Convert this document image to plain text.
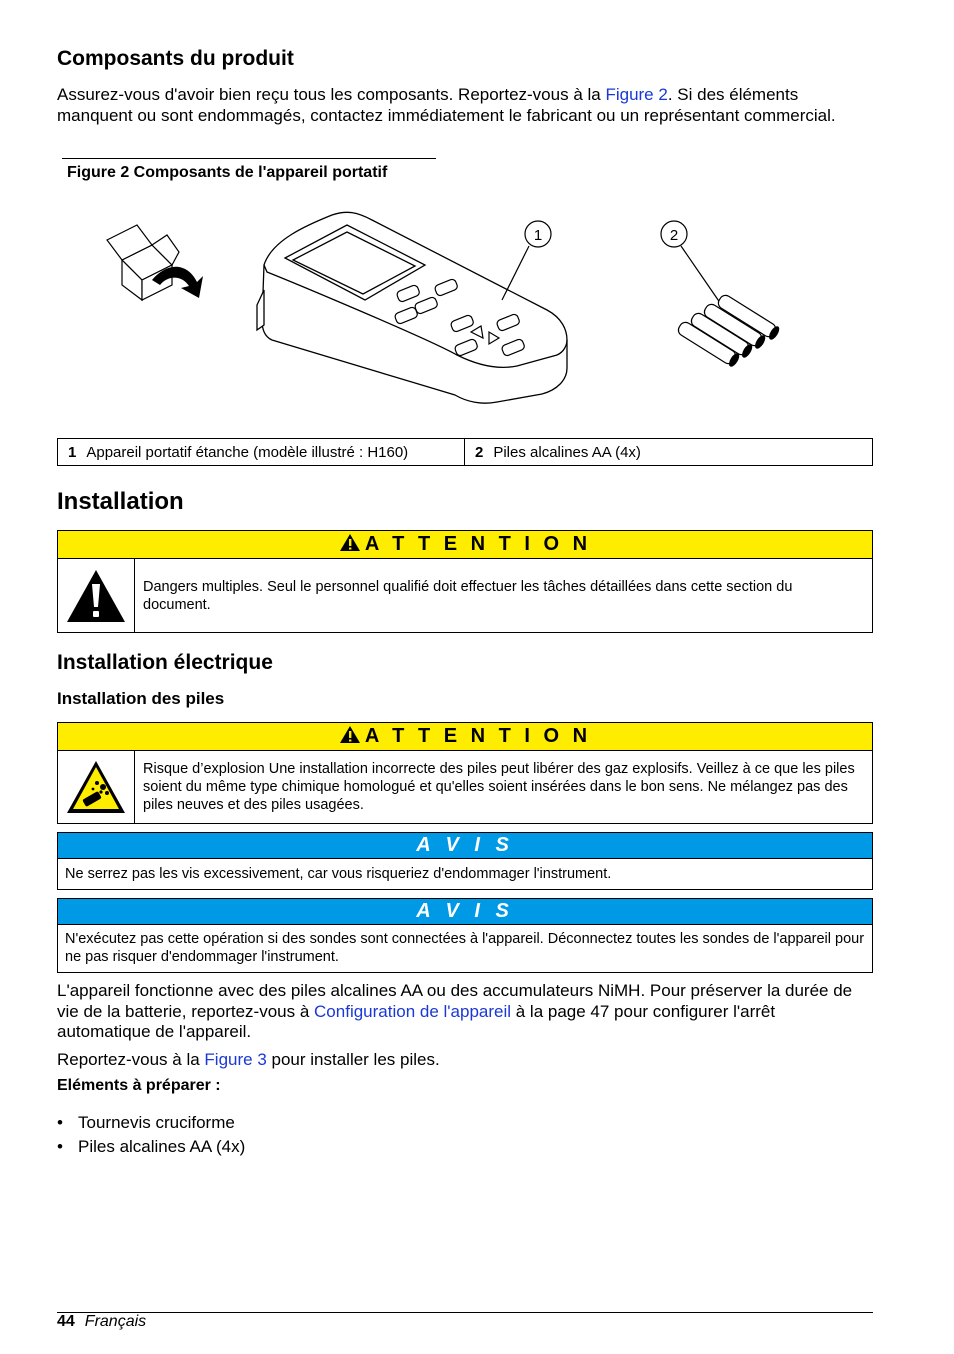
Composants du produit

Assurez-vous d'avoir bien reçu tous les composants. Reportez-vous à la Figure 2. Si des éléments manquent ou sont endommagés, contactez immédiatement le fabricant ou un représentant commercial.

Figure 2 Composants de l'appareil portatif
1	2
1 Appareil portatif étanche (modèle illustré : H160)	2 Piles alcalines AA (4x)
Installation
A T T E N T I O N
Dangers multiples. Seul le personnel qualifié doit effectuer les tâches détaillées dans cette section du document.
Installation électrique
Installation des piles
A T T E N T I O N
Risque d’explosion Une installation incorrecte des piles peut libérer des gaz explosifs. Veillez à ce que les piles soient du même type chimique homologué et qu'elles soient insérées dans le bon sens. Ne mélangez pas des piles neuves et des piles usagées.
A V I S
Ne serrez pas les vis excessivement, car vous risqueriez d'endommager l'instrument.
A V I S
N'exécutez pas cette opération si des sondes sont connectées à l'appareil. Déconnectez toutes les sondes de l'appareil pour ne pas risquer d'endommager l'instrument.

L'appareil fonctionne avec des piles alcalines AA ou des accumulateurs NiMH. Pour préserver la durée de vie de la batterie, reportez-vous à Configuration de l'appareil à la page 47 pour configurer l'arrêt automatique de l'appareil.

Reportez-vous à la Figure 3 pour installer les piles.

Eléments à préparer :
• Tournevis cruciforme
• Piles alcalines AA (4x)
44 Français
